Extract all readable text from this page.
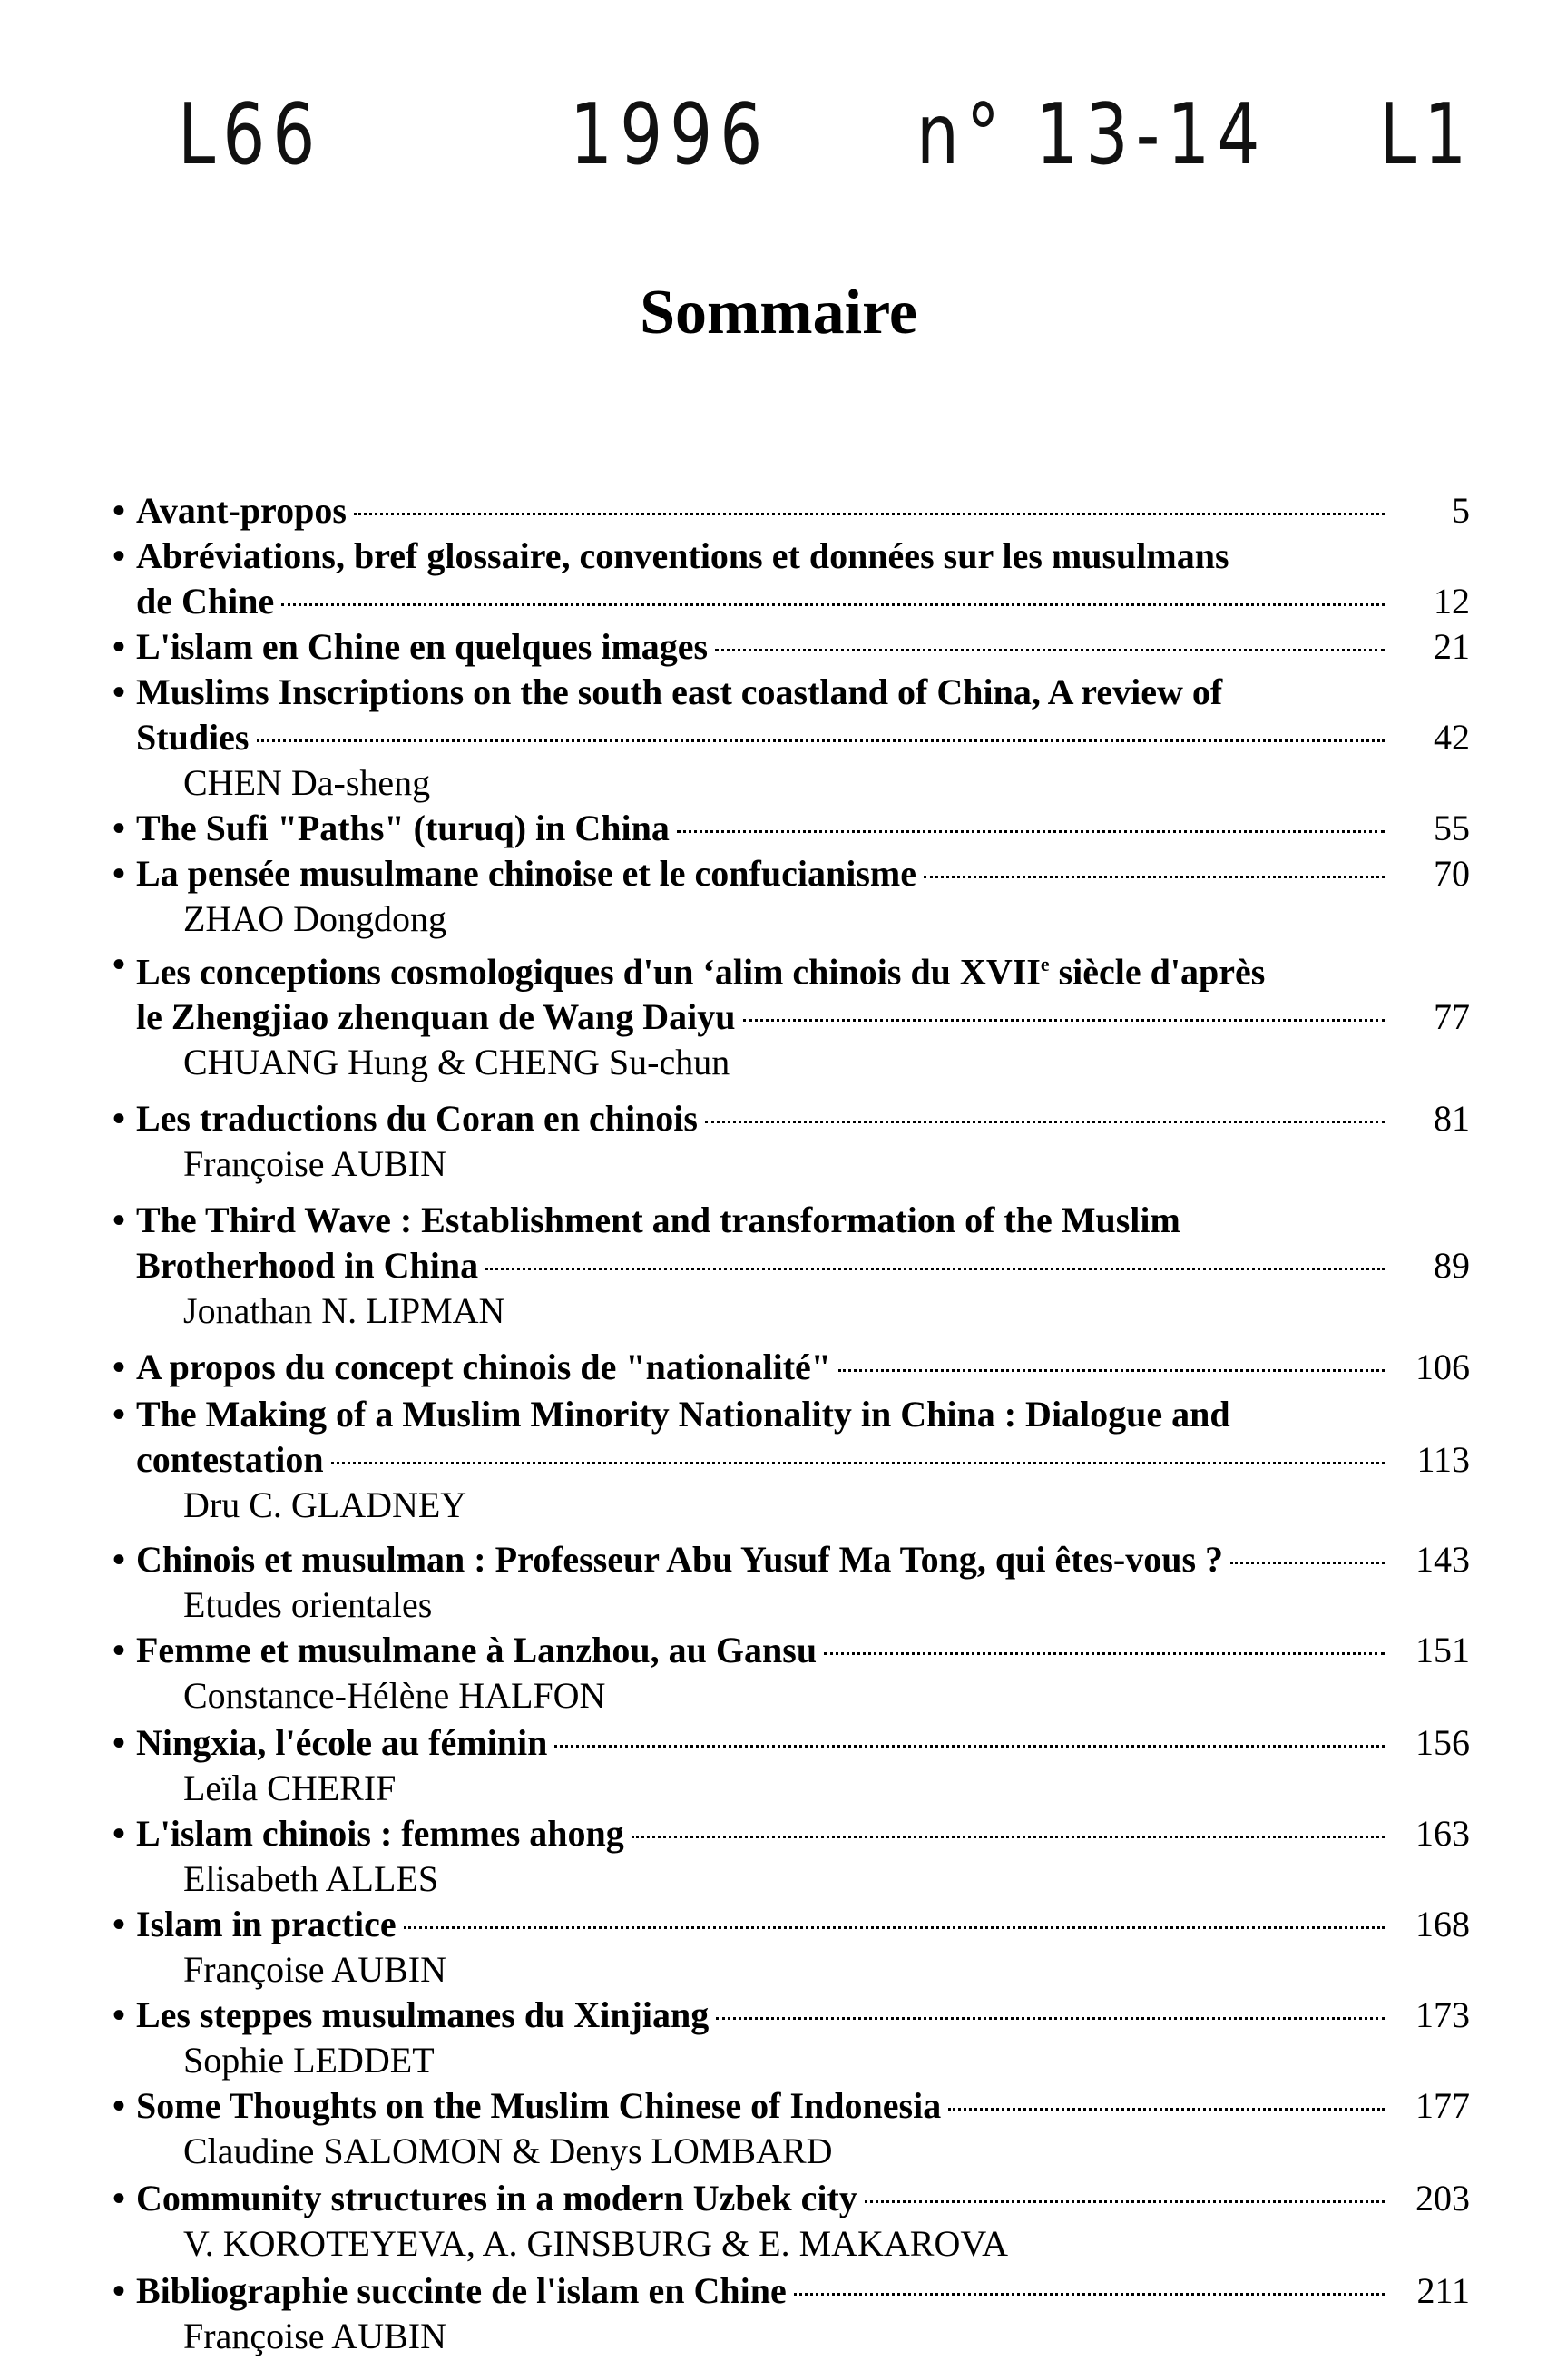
L66	1996 n° 13-14 L1
Sommaire
• Avant-propos	5
• Abréviations, bref glossaire, conventions et données sur les musulmans
de Chine	12
• L'islam en Chine en quelques images	21
• Muslims Inscriptions on the south east coastland of China, A review of
Studies	42
CHEN Da-sheng
• The Sufi "Paths" (turuq) in China	55
• La pensée musulmane chinoise et le confucianisme	70
ZHAO Dongdong
• Les conceptions cosmologiques d'un ‘alim chinois du XVIIe siècle d'après
le Zhengjiao zhenquan de Wang Daiyu	77
CHUANG Hung & CHENG Su-chun
• Les traductions du Coran en chinois	81
Françoise AUBIN
• The Third Wave : Establishment and transformation of the Muslim
Brotherhood in China	89
Jonathan N. LIPMAN
• A propos du concept chinois de "nationalité"	106
• The Making of a Muslim Minority Nationality in China : Dialogue and
contestation	113
Dru C. GLADNEY
• Chinois et musulman : Professeur Abu Yusuf Ma Tong, qui êtes-vous ?	143
Etudes orientales
• Femme et musulmane à Lanzhou, au Gansu	151
Constance-Hélène HALFON
• Ningxia, l'école au féminin	156
Leïla CHERIF
• L'islam chinois : femmes ahong	163
Elisabeth ALLES
• Islam in practice	168
Françoise AUBIN
• Les steppes musulmanes du Xinjiang	173
Sophie LEDDET
• Some Thoughts on the Muslim Chinese of Indonesia	177
Claudine SALOMON & Denys LOMBARD
• Community structures in a modern Uzbek city	203
V. KOROTEYEVA, A. GINSBURG & E. MAKAROVA
• Bibliographie succinte de l'islam en Chine	211
Françoise AUBIN
